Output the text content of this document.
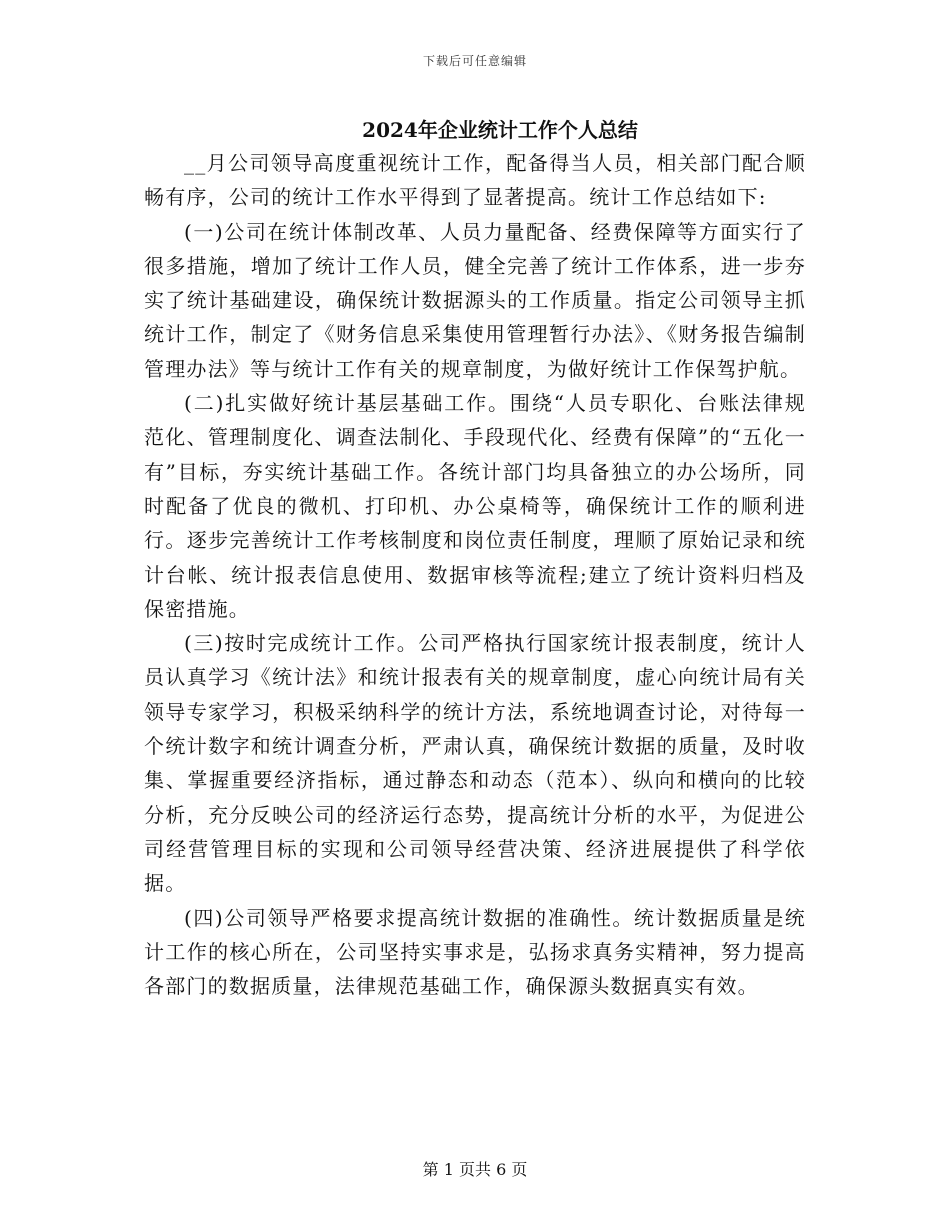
下载后可任意编辑
2024年企业统计工作个人总结

__月公司领导高度重视统计工作，配备得当人员，相关部门配合顺畅有序，公司的统计工作水平得到了显著提高。统计工作总结如下:

(一)公司在统计体制改革、人员力量配备、经费保障等方面实行了很多措施，增加了统计工作人员，健全完善了统计工作体系，进一步夯实了统计基础建设，确保统计数据源头的工作质量。指定公司领导主抓统计工作，制定了《财务信息采集使用管理暂行办法》、《财务报告编制管理办法》等与统计工作有关的规章制度，为做好统计工作保驾护航。

(二)扎实做好统计基层基础工作。围绕“人员专职化、台账法律规范化、管理制度化、调查法制化、手段现代化、经费有保障”的“五化一有”目标，夯实统计基础工作。各统计部门均具备独立的办公场所，同时配备了优良的微机、打印机、办公桌椅等，确保统计工作的顺利进行。逐步完善统计工作考核制度和岗位责任制度，理顺了原始记录和统计台帐、统计报表信息使用、数据审核等流程;建立了统计资料归档及保密措施。

(三)按时完成统计工作。公司严格执行国家统计报表制度，统计人员认真学习《统计法》和统计报表有关的规章制度，虚心向统计局有关领导专家学习，积极采纳科学的统计方法，系统地调查讨论，对待每一个统计数字和统计调查分析，严肃认真，确保统计数据的质量，及时收集、掌握重要经济指标，通过静态和动态（范本）、纵向和横向的比较分析，充分反映公司的经济运行态势，提高统计分析的水平，为促进公司经营管理目标的实现和公司领导经营决策、经济进展提供了科学依据。

(四)公司领导严格要求提高统计数据的准确性。统计数据质量是统计工作的核心所在，公司坚持实事求是，弘扬求真务实精神，努力提高各部门的数据质量，法律规范基础工作，确保源头数据真实有效。

第 1 页共 6 页
